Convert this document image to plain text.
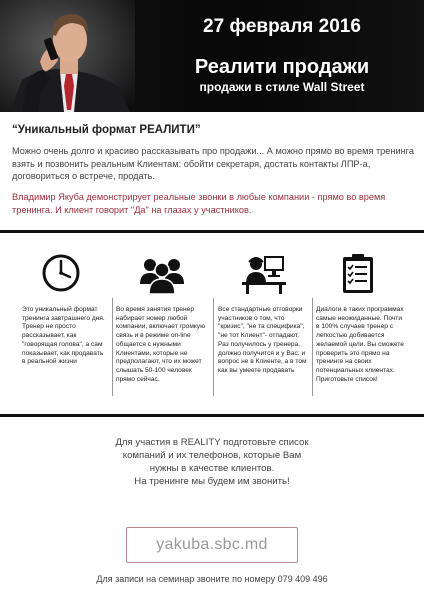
27 февраля 2016
Реалити продажи
продажи в стиле Wall Street
“Уникальный формат РЕАЛИТИ”
Можно очень долго и красиво рассказывать про продажи... А можно прямо во время тренинга взять и позвонить реальным Клиентам: обойти секретаря, достать контакты ЛПР-а, договориться о встрече, продать.
Владимир Якуба демонстрирует реальные звонки в любые компании - прямо во время тренинга. И клиент говорит "Да" на глазах у участников.
Это уникальный формат тренинга завтрашнего дня. Тренер не просто рассказывает, как "говорящая голова", а сам показывает, как продавать в реальной жизни
Во время занятия тренер набирает номер любой компании, включает громкую связь и в режиме on-line общается с нужными Клиентами, которые не предполагают, что их может слышать 50-100 человек прямо сейчас.
Все стандартные отговорки участников о том, что "кризис", "не та специфика", "не тот Клиент"- отпадают. Раз получилось у тренера, должно получится и у Вас: и вопрос не в Клиенте, а в том как вы умеете продавать
Диалоги в таких программах самые неожиданные. Почти в 100% случаев тренер с легкостью добивается желаемой цели. Вы сможете проверить это прямо на тренинге на своих потенциальных клиентах. Приготовьте список!
Для участия в REALITY подготовьте список
компаний и их телефонов, которые Вам
нужны в качестве клиентов.
На тренинге мы будем им звонить!
yakuba.sbc.md
Для записи на семинар звоните по номеру 079 409 496
